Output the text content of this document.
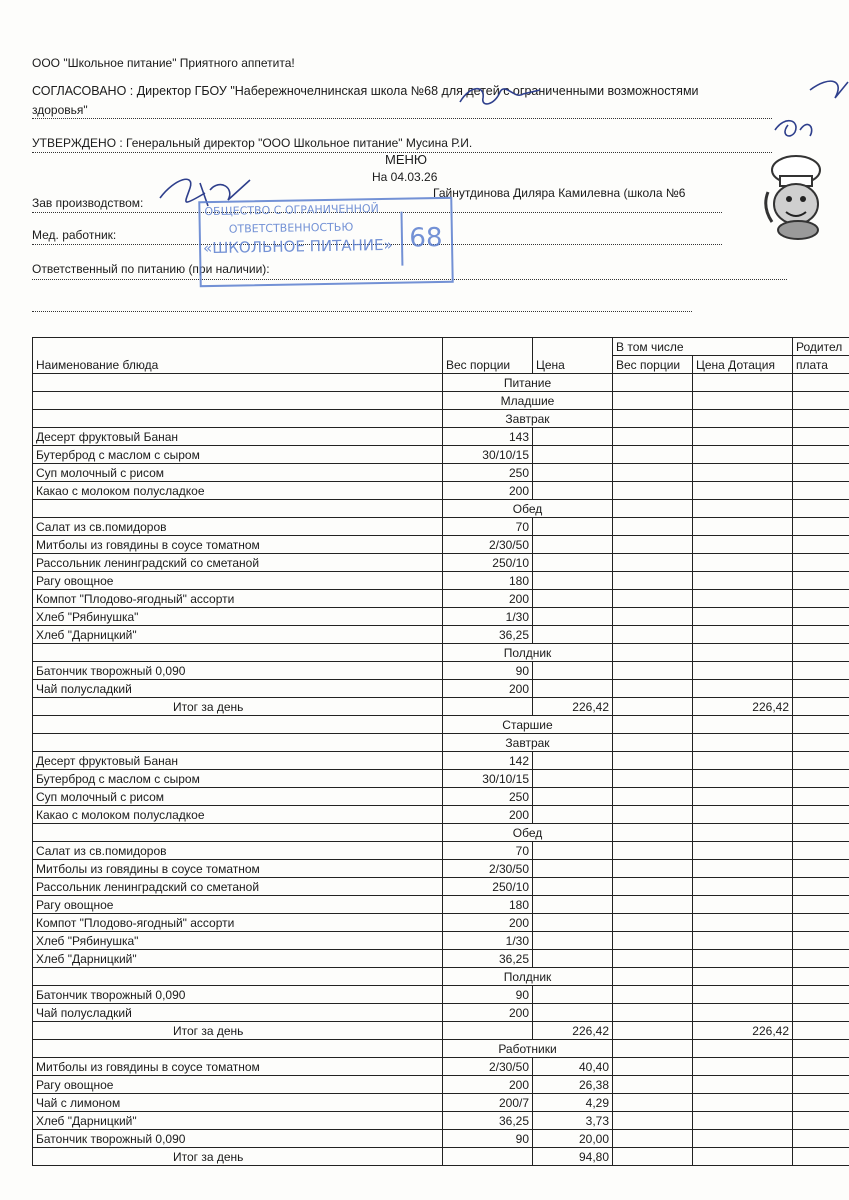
ООО "Школьное питание" Приятного аппетита!
СОГЛАСОВАНО : Директор ГБОУ "Набережночелнинская школа №68 для детей с ограниченными возможностями
здоровья"
УТВЕРЖДЕНО : Генеральный директор "ООО Школьное питание" Мусина Р.И.
МЕНЮ
На 04.03.26
Зав производством:
Гайнутдинова Диляра Камилевна (школа №6
Мед. работник:
Ответственный по питанию (при наличии):
ОБЩЕСТВО С ОГРАНИЧЕННОЙ
ОТВЕТСТВЕННОСТЬЮ
«ШКОЛЬНОЕ ПИТАНИЕ» 68
Наименование блюда	Вес порции	Цена	В том числе		Родител
			Вес порции	Цена Дотация	плата
	Питание				
	Младшие				
	Завтрак				
Десерт фруктовый Банан	143				
Бутерброд с маслом с сыром	30/10/15				
Суп молочный с рисом	250				
Какао с молоком полусладкое	200				
	Обед				
Салат из св.помидоров	70				
Митболы из говядины в соусе томатном	2/30/50				
Рассольник ленинградский со сметаной	250/10				
Рагу овощное	180				
Компот "Плодово-ягодный" ассорти	200				
Хлеб "Рябинушка"	1/30				
Хлеб "Дарницкий"	36,25				
	Полдник				
Батончик творожный 0,090	90				
Чай полусладкий	200				
Итог за день		226,42		226,42	
	Старшие				
	Завтрак				
Десерт фруктовый Банан	142				
Бутерброд с маслом с сыром	30/10/15				
Суп молочный с рисом	250				
Какао с молоком полусладкое	200				
	Обед				
Салат из св.помидоров	70				
Митболы из говядины в соусе томатном	2/30/50				
Рассольник ленинградский со сметаной	250/10				
Рагу овощное	180				
Компот "Плодово-ягодный" ассорти	200				
Хлеб "Рябинушка"	1/30				
Хлеб "Дарницкий"	36,25				
	Полдник				
Батончик творожный 0,090	90				
Чай полусладкий	200				
Итог за день		226,42		226,42	
	Работники				
Митболы из говядины в соусе томатном	2/30/50	40,40			
Рагу овощное	200	26,38			
Чай с лимоном	200/7	4,29			
Хлеб "Дарницкий"	36,25	3,73			
Батончик творожный 0,090	90	20,00			
Итог за день		94,80			
